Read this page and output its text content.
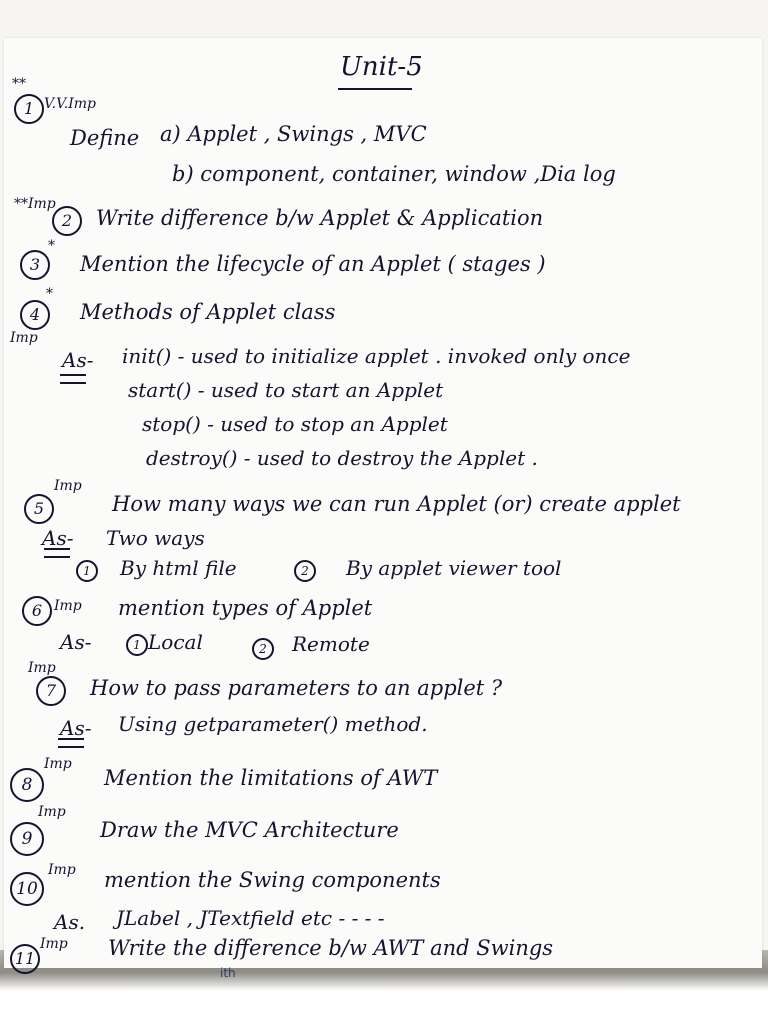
Unit-5
**
1 V.V.Imp
Define a) Applet , Swings , MVC
b) component, container, window ,Dia log
**Imp
2	Write difference b/w Applet & Application
*
3	Mention the lifecycle of an Applet ( stages )
*
4	Methods of Applet class
Imp
As- init() - used to initialize applet . invoked only once
start() - used to start an Applet
stop() - used to stop an Applet
destroy() - used to destroy the Applet .
Imp
5	How many ways we can run Applet (or) create applet
As- Two ways
1	By html file	2	By applet viewer tool
6 Imp mention types of Applet
As-	1 Local	2	Remote
Imp
7	How to pass parameters to an applet ?
As- Using getparameter() method.
8
Imp
Mention the limitations of AWT
Imp
9	Draw the MVC Architecture
10
Imp mention the Swing components
As. JLabel , JTextfield etc - - - -
11
Imp Write the difference b/w AWT and Swings
ith
